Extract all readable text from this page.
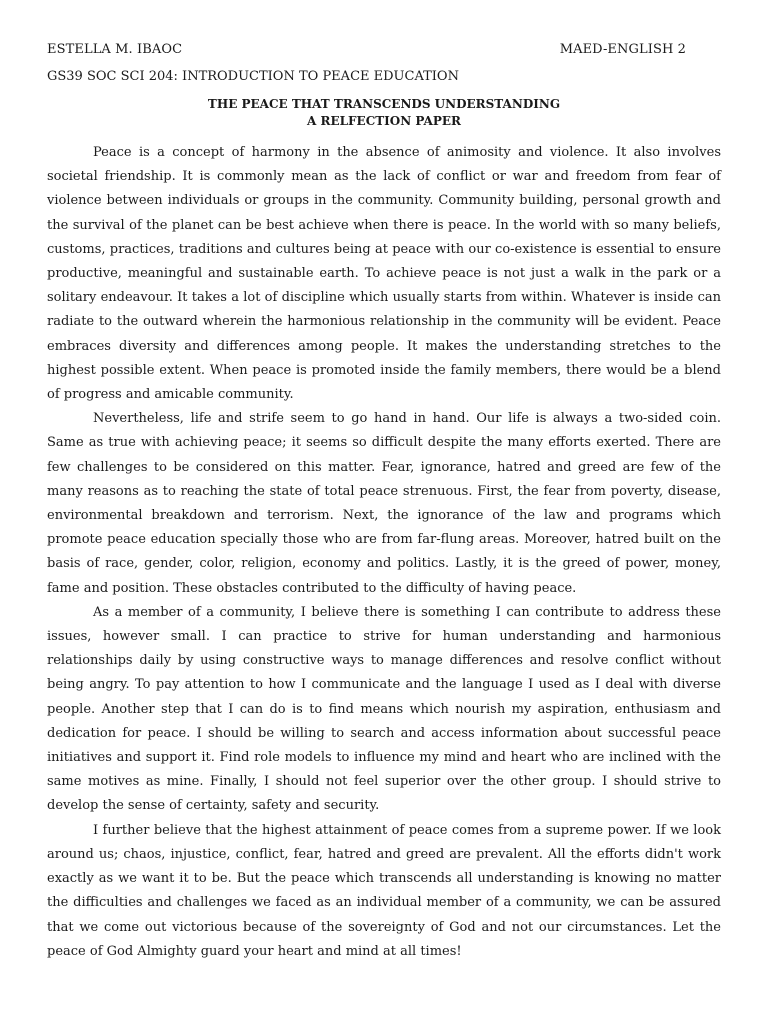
ESTELLA M. IBAOC	MAED-ENGLISH 2
GS39 SOC SCI 204: INTRODUCTION TO PEACE EDUCATION
THE PEACE THAT TRANSCENDS UNDERSTANDING
A RELFECTION PAPER

Peace is a concept of harmony in the absence of animosity and violence. It also involves societal friendship. It is commonly mean as the lack of conflict or war and freedom from fear of violence between individuals or groups in the community. Community building, personal growth and the survival of the planet can be best achieve when there is peace. In the world with so many beliefs, customs, practices, traditions and cultures being at peace with our co-existence is essential to ensure productive, meaningful and sustainable earth. To achieve peace is not just a walk in the park or a solitary endeavour. It takes a lot of discipline which usually starts from within. Whatever is inside can radiate to the outward wherein the harmonious relationship in the community will be evident. Peace embraces diversity and differences among people. It makes the understanding stretches to the highest possible extent. When peace is promoted inside the family members, there would be a blend of progress and amicable community.

Nevertheless, life and strife seem to go hand in hand. Our life is always a two-sided coin. Same as true with achieving peace; it seems so difficult despite the many efforts exerted. There are few challenges to be considered on this matter. Fear, ignorance, hatred and greed are few of the many reasons as to reaching the state of total peace strenuous. First, the fear from poverty, disease, environmental breakdown and terrorism. Next, the ignorance of the law and programs which promote peace education specially those who are from far-flung areas. Moreover, hatred built on the basis of race, gender, color, religion, economy and politics. Lastly, it is the greed of power, money, fame and position. These obstacles contributed to the difficulty of having peace.

As a member of a community, I believe there is something I can contribute to address these issues, however small. I can practice to strive for human understanding and harmonious relationships daily by using constructive ways to manage differences and resolve conflict without being angry. To pay attention to how I communicate and the language I used as I deal with diverse people. Another step that I can do is to find means which nourish my aspiration, enthusiasm and dedication for peace. I should be willing to search and access information about successful peace initiatives and support it. Find role models to influence my mind and heart who are inclined with the same motives as mine. Finally, I should not feel superior over the other group. I should strive to develop the sense of certainty, safety and security.

I further believe that the highest attainment of peace comes from a supreme power. If we look around us; chaos, injustice, conflict, fear, hatred and greed are prevalent. All the efforts didn't work exactly as we want it to be. But the peace which transcends all understanding is knowing no matter the difficulties and challenges we faced as an individual member of a community, we can be assured that we come out victorious because of the sovereignty of God and not our circumstances. Let the peace of God Almighty guard your heart and mind at all times!
